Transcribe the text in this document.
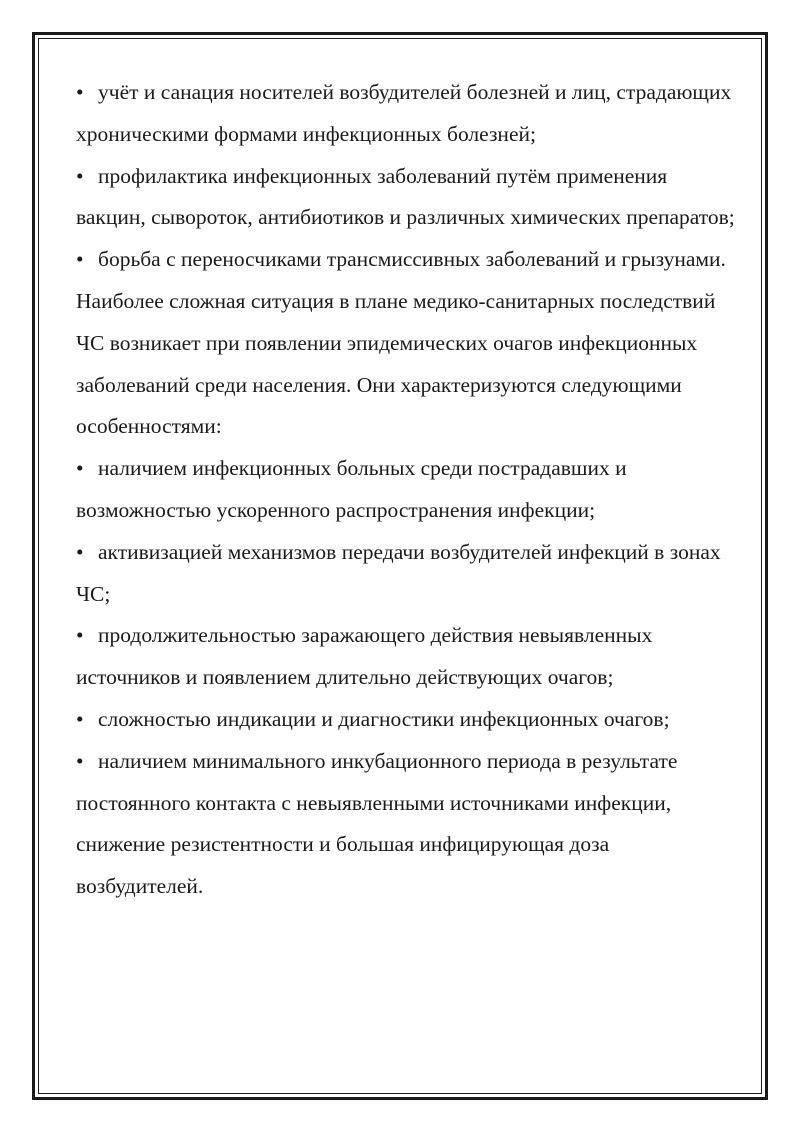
• учёт и санация носителей возбудителей болезней и лиц, страдающих хроническими формами инфекционных болезней;

• профилактика инфекционных заболеваний путём применения вакцин, сывороток, антибиотиков и различных химических препаратов;

• борьба с переносчиками трансмиссивных заболеваний и грызунами.

Наиболее сложная ситуация в плане медико-санитарных последствий ЧС возникает при появлении эпидемических очагов инфекционных заболеваний среди населения. Они характеризуются следующими особенностями:

• наличием инфекционных больных среди пострадавших и возможностью ускоренного распространения инфекции;

• активизацией механизмов передачи возбудителей инфекций в зонах ЧС;

• продолжительностью заражающего действия невыявленных источников и появлением длительно действующих очагов;

• сложностью индикации и диагностики инфекционных очагов;

• наличием минимального инкубационного периода в результате постоянного контакта с невыявленными источниками инфекции, снижение резистентности и большая инфицирующая доза возбудителей.
